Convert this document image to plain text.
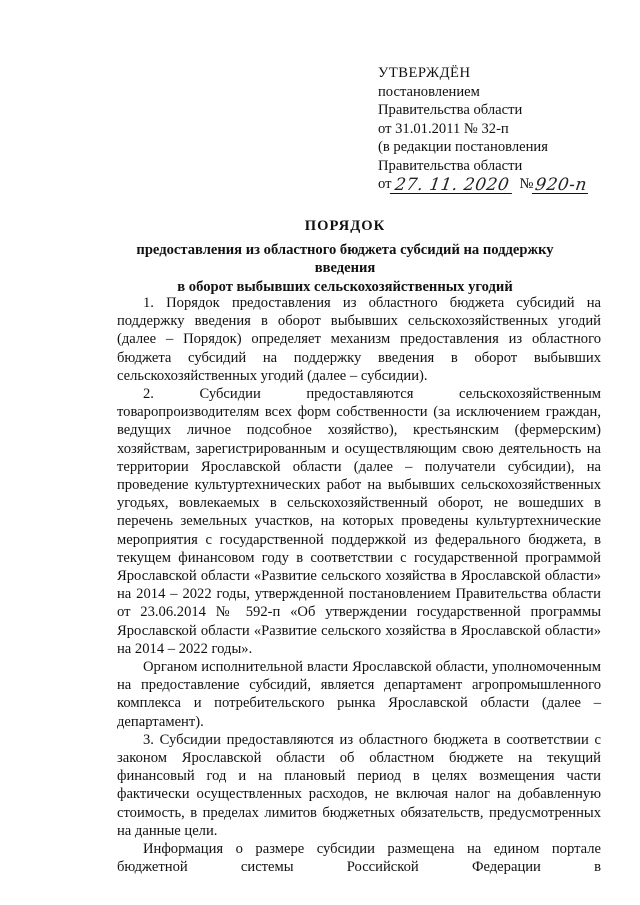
УТВЕРЖДЁН
постановлением
Правительства области
от 31.01.2011 № 32-п
(в редакции постановления
Правительства области
от 27. 11. 2020 № 920-п
ПОРЯДОК
предоставления из областного бюджета субсидий на поддержку введения
в оборот выбывших сельскохозяйственных угодий

1. Порядок предоставления из областного бюджета субсидий на поддержку введения в оборот выбывших сельскохозяйственных угодий (далее – Порядок) определяет механизм предоставления из областного бюджета субсидий на поддержку введения в оборот выбывших сельскохозяйственных угодий (далее – субсидии).

2. Субсидии предоставляются сельскохозяйственным товаропроизводителям всех форм собственности (за исключением граждан, ведущих личное подсобное хозяйство), крестьянским (фермерским) хозяйствам, зарегистрированным и осуществляющим свою деятельность на территории Ярославской области (далее – получатели субсидии), на проведение культуртехнических работ на выбывших сельскохозяйственных угодьях, вовлекаемых в сельскохозяйственный оборот, не вошедших в перечень земельных участков, на которых проведены культуртехнические мероприятия с государственной поддержкой из федерального бюджета, в текущем финансовом году в соответствии с государственной программой Ярославской области «Развитие сельского хозяйства в Ярославской области» на 2014 – 2022 годы, утвержденной постановлением Правительства области от 23.06.2014 № 592-п «Об утверждении государственной программы Ярославской области «Развитие сельского хозяйства в Ярославской области» на 2014 – 2022 годы».

Органом исполнительной власти Ярославской области, уполномоченным на предоставление субсидий, является департамент агропромышленного комплекса и потребительского рынка Ярославской области (далее – департамент).

3. Субсидии предоставляются из областного бюджета в соответствии с законом Ярославской области об областном бюджете на текущий финансовый год и на плановый период в целях возмещения части фактически осуществленных расходов, не включая налог на добавленную стоимость, в пределах лимитов бюджетных обязательств, предусмотренных на данные цели.

Информация о размере субсидии размещена на едином портале бюджетной системы Российской Федерации в
